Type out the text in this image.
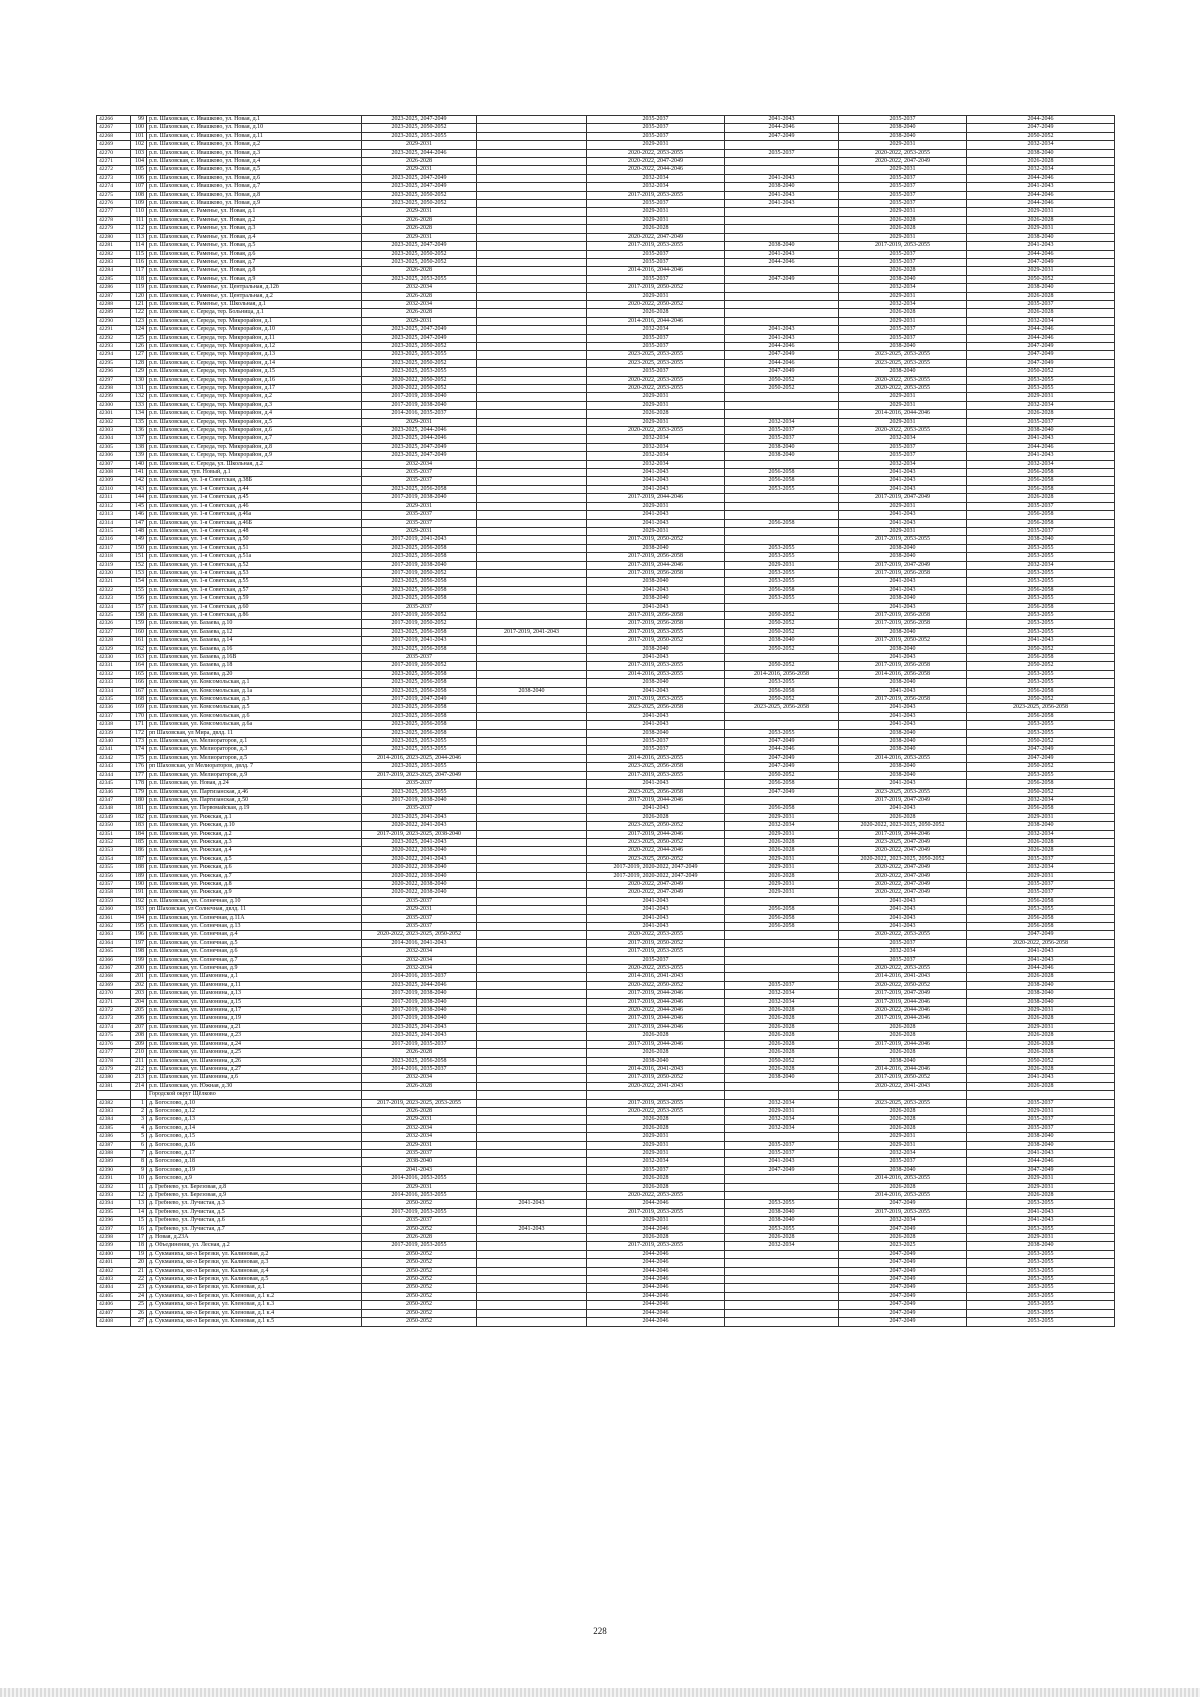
42266	99	р.п. Шаховская, с. Ивашково, ул. Новая, д.1	2023-2025, 2047-2049		2035-2037	2041-2043	2035-2037	2044-2046
42267	100	р.п. Шаховская, с. Ивашково, ул. Новая, д.10	2023-2025, 2050-2052		2035-2037	2044-2046	2038-2040	2047-2049
42268	101	р.п. Шаховская, с. Ивашково, ул. Новая, д.11	2023-2025, 2053-2055		2035-2037	2047-2049	2038-2040	2050-2052
42269	102	р.п. Шаховская, с. Ивашково, ул. Новая, д.2	2029-2031		2029-2031		2029-2031	2032-2034
42270	103	р.п. Шаховская, с. Ивашково, ул. Новая, д.3	2023-2025, 2044-2046		2020-2022, 2053-2055	2035-2037	2020-2022, 2053-2055	2038-2040
42271	104	р.п. Шаховская, с. Ивашково, ул. Новая, д.4	2026-2028		2020-2022, 2047-2049		2020-2022, 2047-2049	2026-2028
42272	105	р.п. Шаховская, с. Ивашково, ул. Новая, д.5	2029-2031		2020-2022, 2044-2046		2029-2031	2032-2034
42273	106	р.п. Шаховская, с. Ивашково, ул. Новая, д.6	2023-2025, 2047-2049		2032-2034	2041-2043	2035-2037	2044-2046
42274	107	р.п. Шаховская, с. Ивашково, ул. Новая, д.7	2023-2025, 2047-2049		2032-2034	2038-2040	2035-2037	2041-2043
42275	108	р.п. Шаховская, с. Ивашково, ул. Новая, д.8	2023-2025, 2050-2052		2017-2019, 2053-2055	2041-2043	2035-2037	2044-2046
42276	109	р.п. Шаховская, с. Ивашково, ул. Новая, д.9	2023-2025, 2050-2052		2035-2037	2041-2043	2035-2037	2044-2046
42277	110	р.п. Шаховская, с. Раменье, ул. Новая, д.1	2029-2031		2029-2031		2029-2031	2029-2031
42278	111	р.п. Шаховская, с. Раменье, ул. Новая, д.2	2026-2028		2029-2031		2026-2028	2026-2028
42279	112	р.п. Шаховская, с. Раменье, ул. Новая, д.3	2026-2028		2026-2028		2026-2028	2029-2031
42280	113	р.п. Шаховская, с. Раменье, ул. Новая, д.4	2029-2031		2020-2022, 2047-2049		2029-2031	2038-2040
42281	114	р.п. Шаховская, с. Раменье, ул. Новая, д.5	2023-2025, 2047-2049		2017-2019, 2053-2055	2038-2040	2017-2019, 2053-2055	2041-2043
42282	115	р.п. Шаховская, с. Раменье, ул. Новая, д.6	2023-2025, 2050-2052		2035-2037	2041-2043	2035-2037	2044-2046
42283	116	р.п. Шаховская, с. Раменье, ул. Новая, д.7	2023-2025, 2050-2052		2035-2037	2044-2046	2035-2037	2047-2049
42284	117	р.п. Шаховская, с. Раменье, ул. Новая, д.8	2026-2028		2014-2016, 2044-2046		2026-2028	2029-2031
42285	118	р.п. Шаховская, с. Раменье, ул. Новая, д.9	2023-2025, 2053-2055		2035-2037	2047-2049	2038-2040	2050-2052
42286	119	р.п. Шаховская, с. Раменье, ул. Центральная, д.12б	2032-2034		2017-2019, 2050-2052		2032-2034	2038-2040
42287	120	р.п. Шаховская, с. Раменье, ул. Центральная, д.2	2026-2028		2029-2031		2029-2031	2026-2028
42288	121	р.п. Шаховская, с. Раменье, ул. Школьная, д.1	2032-2034		2020-2022, 2050-2052		2032-2034	2035-2037
42289	122	р.п. Шаховская, с. Середа, тер. Больница, д.1	2026-2028		2026-2028		2026-2028	2026-2028
42290	123	р.п. Шаховская, с. Середа, тер. Микрорайон, д.1	2029-2031		2014-2016, 2044-2046		2029-2031	2032-2034
42291	124	р.п. Шаховская, с. Середа, тер. Микрорайон, д.10	2023-2025, 2047-2049		2032-2034	2041-2043	2035-2037	2044-2046
42292	125	р.п. Шаховская, с. Середа, тер. Микрорайон, д.11	2023-2025, 2047-2049		2035-2037	2041-2043	2035-2037	2044-2046
42293	126	р.п. Шаховская, с. Середа, тер. Микрорайон, д.12	2023-2025, 2050-2052		2035-2037	2044-2046	2038-2040	2047-2049
42294	127	р.п. Шаховская, с. Середа, тер. Микрорайон, д.13	2023-2025, 2053-2055		2023-2025, 2053-2055	2047-2049	2023-2025, 2053-2055	2047-2049
42295	128	р.п. Шаховская, с. Середа, тер. Микрорайон, д.14	2023-2025, 2050-2052		2023-2025, 2053-2055	2044-2046	2023-2025, 2053-2055	2047-2049
42296	129	р.п. Шаховская, с. Середа, тер. Микрорайон, д.15	2023-2025, 2053-2055		2035-2037	2047-2049	2038-2040	2050-2052
42297	130	р.п. Шаховская, с. Середа, тер. Микрорайон, д.16	2020-2022, 2050-2052		2020-2022, 2053-2055	2050-2052	2020-2022, 2053-2055	2053-2055
42298	131	р.п. Шаховская, с. Середа, тер. Микрорайон, д.17	2020-2022, 2050-2052		2020-2022, 2053-2055	2050-2052	2020-2022, 2053-2055	2053-2055
42299	132	р.п. Шаховская, с. Середа, тер. Микрорайон, д.2	2017-2019, 2038-2040		2029-2031		2029-2031	2029-2031
42300	133	р.п. Шаховская, с. Середа, тер. Микрорайон, д.3	2017-2019, 2038-2040		2029-2031		2029-2031	2032-2034
42301	134	р.п. Шаховская, с. Середа, тер. Микрорайон, д.4	2014-2016, 2035-2037		2026-2028		2014-2016, 2044-2046	2026-2028
42302	135	р.п. Шаховская, с. Середа, тер. Микрорайон, д.5	2029-2031		2029-2031	2032-2034	2029-2031	2035-2037
42303	136	р.п. Шаховская, с. Середа, тер. Микрорайон, д.6	2023-2025, 2044-2046		2020-2022, 2053-2055	2035-2037	2020-2022, 2053-2055	2038-2040
42304	137	р.п. Шаховская, с. Середа, тер. Микрорайон, д.7	2023-2025, 2044-2046		2032-2034	2035-2037	2032-2034	2041-2043
42305	138	р.п. Шаховская, с. Середа, тер. Микрорайон, д.8	2023-2025, 2047-2049		2032-2034	2038-2040	2035-2037	2044-2046
42306	139	р.п. Шаховская, с. Середа, тер. Микрорайон, д.9	2023-2025, 2047-2049		2032-2034	2038-2040	2035-2037	2041-2043
42307	140	р.п. Шаховская, с. Середа, ул. Школьная, д.2	2032-2034		2032-2034		2032-2034	2032-2034
42308	141	р.п. Шаховская, туп. Новый, д.1	2035-2037		2041-2043	2056-2058	2041-2043	2056-2058
42309	142	р.п. Шаховская, ул. 1-я Советская, д.38Б	2035-2037		2041-2043	2056-2058	2041-2043	2056-2058
42310	143	р.п. Шаховская, ул. 1-я Советская, д.44	2023-2025, 2056-2058		2041-2043	2053-2055	2041-2043	2056-2058
42311	144	р.п. Шаховская, ул. 1-я Советская, д.45	2017-2019, 2038-2040		2017-2019, 2044-2046		2017-2019, 2047-2049	2026-2028
42312	145	р.п. Шаховская, ул. 1-я Советская, д.46	2029-2031		2029-2031		2029-2031	2035-2037
42313	146	р.п. Шаховская, ул. 1-я Советская, д.46а	2035-2037		2041-2043		2041-2043	2056-2058
42314	147	р.п. Шаховская, ул. 1-я Советская, д.46Б	2035-2037		2041-2043	2056-2058	2041-2043	2056-2058
42315	148	р.п. Шаховская, ул. 1-я Советская, д.48	2029-2031		2029-2031		2029-2031	2035-2037
42316	149	р.п. Шаховская, ул. 1-я Советская, д.50	2017-2019, 2041-2043		2017-2019, 2050-2052		2017-2019, 2053-2055	2038-2040
42317	150	р.п. Шаховская, ул. 1-я Советская, д.51	2023-2025, 2056-2058		2038-2040	2053-2055	2038-2040	2053-2055
42318	151	р.п. Шаховская, ул. 1-я Советская, д.51а	2023-2025, 2056-2058		2017-2019, 2056-2058	2053-2055	2038-2040	2053-2055
42319	152	р.п. Шаховская, ул. 1-я Советская, д.52	2017-2019, 2038-2040		2017-2019, 2044-2046	2029-2031	2017-2019, 2047-2049	2032-2034
42320	153	р.п. Шаховская, ул. 1-я Советская, д.53	2017-2019, 2050-2052		2017-2019, 2056-2058	2053-2055	2017-2019, 2056-2058	2053-2055
42321	154	р.п. Шаховская, ул. 1-я Советская, д.55	2023-2025, 2056-2058		2038-2040	2053-2055	2041-2043	2053-2055
42322	155	р.п. Шаховская, ул. 1-я Советская, д.57	2023-2025, 2056-2058		2041-2043	2056-2058	2041-2043	2056-2058
42323	156	р.п. Шаховская, ул. 1-я Советская, д.59	2023-2025, 2056-2058		2038-2040	2053-2055	2038-2040	2053-2055
42324	157	р.п. Шаховская, ул. 1-я Советская, д.60	2035-2037		2041-2043		2041-2043	2056-2058
42325	158	р.п. Шаховская, ул. 1-я Советская, д.86	2017-2019, 2050-2052		2017-2019, 2056-2058	2050-2052	2017-2019, 2056-2058	2053-2055
42326	159	р.п. Шаховская, ул. Базаева, д.10	2017-2019, 2050-2052		2017-2019, 2056-2058	2050-2052	2017-2019, 2056-2058	2053-2055
42327	160	р.п. Шаховская, ул. Базаева, д.12	2023-2025, 2056-2058	2017-2019, 2041-2043	2017-2019, 2053-2055	2050-2052	2038-2040	2053-2055
42328	161	р.п. Шаховская, ул. Базаева, д.14	2017-2019, 2041-2043		2017-2019, 2050-2052	2038-2040	2017-2019, 2050-2052	2041-2043
42329	162	р.п. Шаховская, ул. Базаева, д.16	2023-2025, 2056-2058		2038-2040	2050-2052	2038-2040	2050-2052
42330	163	р.п. Шаховская, ул. Базаева, д.16В	2035-2037		2041-2043		2041-2043	2056-2058
42331	164	р.п. Шаховская, ул. Базаева, д.18	2017-2019, 2050-2052		2017-2019, 2053-2055	2050-2052	2017-2019, 2056-2058	2050-2052
42332	165	р.п. Шаховская, ул. Базаева, д.20	2023-2025, 2056-2058		2014-2016, 2053-2055	2014-2016, 2056-2058	2014-2016, 2056-2058	2053-2055
42333	166	р.п. Шаховская, ул. Комсомольская, д.1	2023-2025, 2056-2058		2038-2040	2053-2055	2038-2040	2053-2055
42334	167	р.п. Шаховская, ул. Комсомольская, д.1а	2023-2025, 2056-2058	2038-2040	2041-2043	2056-2058	2041-2043	2056-2058
42335	168	р.п. Шаховская, ул. Комсомольская, д.3	2017-2019, 2047-2049		2017-2019, 2053-2055	2050-2052	2017-2019, 2056-2058	2050-2052
42336	169	р.п. Шаховская, ул. Комсомольская, д.5	2023-2025, 2056-2058		2023-2025, 2056-2058	2023-2025, 2056-2058	2041-2043	2023-2025, 2056-2058
42337	170	р.п. Шаховская, ул. Комсомольская, д.6	2023-2025, 2056-2058		2041-2043		2041-2043	2056-2058
42338	171	р.п. Шаховская, ул. Комсомольская, д.6а	2023-2025, 2056-2058		2041-2043		2041-2043	2053-2055
42339	172	рп Шаховская, ул Мира, двлд. 11	2023-2025, 2056-2058		2038-2040	2053-2055	2038-2040	2053-2055
42340	173	р.п. Шаховская, ул. Мелиораторов, д.1	2023-2025, 2053-2055		2035-2037	2047-2049	2038-2040	2050-2052
42341	174	р.п. Шаховская, ул. Мелиораторов, д.3	2023-2025, 2053-2055		2035-2037	2044-2046	2038-2040	2047-2049
42342	175	р.п. Шаховская, ул. Мелиораторов, д.5	2014-2016, 2023-2025, 2044-2046		2014-2016, 2053-2055	2047-2049	2014-2016, 2053-2055	2047-2049
42343	176	рп Шаховская, ул Мелиораторов, двлд. 7	2023-2025, 2053-2055		2023-2025, 2056-2058	2047-2049	2038-2040	2050-2052
42344	177	р.п. Шаховская, ул. Мелиораторов, д.9	2017-2019, 2023-2025, 2047-2049		2017-2019, 2053-2055	2050-2052	2038-2040	2053-2055
42345	178	р.п. Шаховская, ул. Новая, д.24	2035-2037		2041-2043	2056-2058	2041-2043	2056-2058
42346	179	р.п. Шаховская, ул. Партизанская, д.46	2023-2025, 2053-2055		2023-2025, 2056-2058	2047-2049	2023-2025, 2053-2055	2050-2052
42347	180	р.п. Шаховская, ул. Партизанская, д.50	2017-2019, 2038-2040		2017-2019, 2044-2046		2017-2019, 2047-2049	2032-2034
42348	181	р.п. Шаховская, ул. Первомайская, д.19	2035-2037		2041-2043	2056-2058	2041-2043	2056-2058
42349	182	р.п. Шаховская, ул. Рижская, д.1	2023-2025, 2041-2043		2026-2028	2029-2031	2026-2028	2029-2031
42350	183	р.п. Шаховская, ул. Рижская, д.10	2020-2022, 2041-2043		2023-2025, 2050-2052	2032-2034	2020-2022, 2023-2025, 2050-2052	2038-2040
42351	184	р.п. Шаховская, ул. Рижская, д.2	2017-2019, 2023-2025, 2038-2040		2017-2019, 2044-2046	2029-2031	2017-2019, 2044-2046	2032-2034
42352	185	р.п. Шаховская, ул. Рижская, д.3	2023-2025, 2041-2043		2023-2025, 2050-2052	2026-2028	2023-2025, 2047-2049	2026-2028
42353	186	р.п. Шаховская, ул. Рижская, д.4	2020-2022, 2038-2040		2020-2022, 2044-2046	2026-2028	2020-2022, 2047-2049	2026-2028
42354	187	р.п. Шаховская, ул. Рижская, д.5	2020-2022, 2041-2043		2023-2025, 2050-2052	2029-2031	2020-2022, 2023-2025, 2050-2052	2035-2037
42355	188	р.п. Шаховская, ул. Рижская, д.6	2020-2022, 2038-2040		2017-2019, 2020-2022, 2047-2049	2029-2031	2020-2022, 2047-2049	2032-2034
42356	189	р.п. Шаховская, ул. Рижская, д.7	2020-2022, 2038-2040		2017-2019, 2020-2022, 2047-2049	2026-2028	2020-2022, 2047-2049	2029-2031
42357	190	р.п. Шаховская, ул. Рижская, д.8	2020-2022, 2038-2040		2020-2022, 2047-2049	2029-2031	2020-2022, 2047-2049	2035-2037
42358	191	р.п. Шаховская, ул. Рижская, д.9	2020-2022, 2038-2040		2020-2022, 2047-2049	2029-2031	2020-2022, 2047-2049	2035-2037
42359	192	р.п. Шаховская, ул. Солнечная, д.10	2035-2037		2041-2043		2041-2043	2056-2058
42360	193	рп Шаховская, ул Солнечная, двлд. 11	2029-2031		2041-2043	2056-2058	2041-2043	2053-2055
42361	194	р.п. Шаховская, ул. Солнечная, д.11А	2035-2037		2041-2043	2056-2058	2041-2043	2056-2058
42362	195	р.п. Шаховская, ул. Солнечная, д.13	2035-2037		2041-2043	2056-2058	2041-2043	2056-2058
42363	196	р.п. Шаховская, ул. Солнечная, д.4	2020-2022, 2023-2025, 2050-2052		2020-2022, 2053-2055		2020-2022, 2053-2055	2047-2049
42364	197	р.п. Шаховская, ул. Солнечная, д.5	2014-2016, 2041-2043		2017-2019, 2050-2052		2035-2037	2020-2022, 2056-2058
42365	198	р.п. Шаховская, ул. Солнечная, д.6	2032-2034		2017-2019, 2053-2055		2032-2034	2041-2043
42366	199	р.п. Шаховская, ул. Солнечная, д.7	2032-2034		2035-2037		2035-2037	2041-2043
42367	200	р.п. Шаховская, ул. Солнечная, д.9	2032-2034		2020-2022, 2053-2055		2020-2022, 2053-2055	2044-2046
42368	201	р.п. Шаховская, ул. Шамонина, д.1	2014-2016, 2035-2037		2014-2016, 2041-2043		2014-2016, 2041-2043	2026-2028
42369	202	р.п. Шаховская, ул. Шамонина, д.11	2023-2025, 2044-2046		2020-2022, 2050-2052	2035-2037	2020-2022, 2050-2052	2038-2040
42370	203	р.п. Шаховская, ул. Шамонина, д.13	2017-2019, 2038-2040		2017-2019, 2044-2046	2032-2034	2017-2019, 2047-2049	2038-2040
42371	204	р.п. Шаховская, ул. Шамонина, д.15	2017-2019, 2038-2040		2017-2019, 2044-2046	2032-2034	2017-2019, 2044-2046	2038-2040
42372	205	р.п. Шаховская, ул. Шамонина, д.17	2017-2019, 2038-2040		2020-2022, 2044-2046	2026-2028	2020-2022, 2044-2046	2029-2031
42373	206	р.п. Шаховская, ул. Шамонина, д.19	2017-2019, 2038-2040		2017-2019, 2044-2046	2026-2028	2017-2019, 2044-2046	2026-2028
42374	207	р.п. Шаховская, ул. Шамонина, д.21	2023-2025, 2041-2043		2017-2019, 2044-2046	2026-2028	2026-2028	2029-2031
42375	208	р.п. Шаховская, ул. Шамонина, д.23	2023-2025, 2041-2043		2026-2028	2026-2028	2026-2028	2026-2028
42376	209	р.п. Шаховская, ул. Шамонина, д.24	2017-2019, 2035-2037		2017-2019, 2044-2046	2026-2028	2017-2019, 2044-2046	2026-2028
42377	210	р.п. Шаховская, ул. Шамонина, д.25	2026-2028		2026-2028	2026-2028	2026-2028	2026-2028
42378	211	р.п. Шаховская, ул. Шамонина, д.26	2023-2025, 2056-2058		2038-2040	2050-2052	2038-2040	2050-2052
42379	212	р.п. Шаховская, ул. Шамонина, д.27	2014-2016, 2035-2037		2014-2016, 2041-2043	2026-2028	2014-2016, 2044-2046	2026-2028
42380	213	р.п. Шаховская, ул. Шамонина, д.6	2032-2034		2017-2019, 2050-2052	2038-2040	2017-2019, 2050-2052	2041-2043
42381	214	р.п. Шаховская, ул. Южная, д.30	2026-2028		2020-2022, 2041-2043		2020-2022, 2041-2043	2026-2028
		Городской округ Щёлково						
42382	1	д. Богослово, д.10	2017-2019, 2023-2025, 2053-2055		2017-2019, 2053-2055	2032-2034	2023-2025, 2053-2055	2035-2037
42383	2	д. Богослово, д.12	2026-2028		2020-2022, 2053-2055	2029-2031	2026-2028	2029-2031
42384	3	д. Богослово, д.13	2029-2031		2026-2028	2032-2034	2026-2028	2035-2037
42385	4	д. Богослово, д.14	2032-2034		2026-2028	2032-2034	2026-2028	2035-2037
42386	5	д. Богослово, д.15	2032-2034		2029-2031		2029-2031	2038-2040
42387	6	д. Богослово, д.16	2029-2031		2029-2031	2035-2037	2029-2031	2038-2040
42388	7	д. Богослово, д.17	2035-2037		2029-2031	2035-2037	2032-2034	2041-2043
42389	8	д. Богослово, д.18	2038-2040		2032-2034	2041-2043	2035-2037	2044-2046
42390	9	д. Богослово, д.19	2041-2043		2035-2037	2047-2049	2038-2040	2047-2049
42391	10	д. Богослово, д.9	2014-2016, 2053-2055		2026-2028		2014-2016, 2053-2055	2029-2031
42392	11	д. Гребнево, ул. Березовая, д.8	2029-2031		2026-2028		2026-2028	2029-2031
42393	12	д. Гребнево, ул. Березовая, д.9	2014-2016, 2053-2055		2020-2022, 2053-2055		2014-2016, 2053-2055	2026-2028
42394	13	д. Гребнево, ул. Лучистая, д.3	2050-2052	2041-2043	2044-2046	2053-2055	2047-2049	2053-2055
42395	14	д. Гребнево, ул. Лучистая, д.5	2017-2019, 2053-2055		2017-2019, 2053-2055	2038-2040	2017-2019, 2053-2055	2041-2043
42396	15	д. Гребнево, ул. Лучистая, д.6	2035-2037		2029-2031	2038-2040	2032-2034	2041-2043
42397	16	д. Гребнево, ул. Лучистая, д.7	2050-2052	2041-2043	2044-2046	2053-2055	2047-2049	2053-2055
42398	17	д. Новая, д.23А	2026-2028		2026-2028	2026-2028	2026-2028	2029-2031
42399	18	д. Объединения, ул. Лесная, д.2	2017-2019, 2053-2055		2017-2019, 2053-2055	2032-2034	2023-2025	2038-2040
42400	19	д. Сукманиха, кв-л Березки, ул. Калиновая, д.2	2050-2052		2044-2046		2047-2049	2053-2055
42401	20	д. Сукманиха, кв-л Березки, ул. Калиновая, д.3	2050-2052		2044-2046		2047-2049	2053-2055
42402	21	д. Сукманиха, кв-л Березки, ул. Калиновая, д.4	2050-2052		2044-2046		2047-2049	2053-2055
42403	22	д. Сукманиха, кв-л Березки, ул. Калиновая, д.5	2050-2052		2044-2046		2047-2049	2053-2055
42404	23	д. Сукманиха, кв-л Березки, ул. Кленовая, д.1	2050-2052		2044-2046		2047-2049	2053-2055
42405	24	д. Сукманиха, кв-л Березки, ул. Кленовая, д.1 к.2	2050-2052		2044-2046		2047-2049	2053-2055
42406	25	д. Сукманиха, кв-л Березки, ул. Кленовая, д.1 к.3	2050-2052		2044-2046		2047-2049	2053-2055
42407	26	д. Сукманиха, кв-л Березки, ул. Кленовая, д.1 к.4	2050-2052		2044-2046		2047-2049	2053-2055
42408	27	д. Сукманиха, кв-л Березки, ул. Кленовая, д.1 к.5	2050-2052		2044-2046		2047-2049	2053-2055
228
